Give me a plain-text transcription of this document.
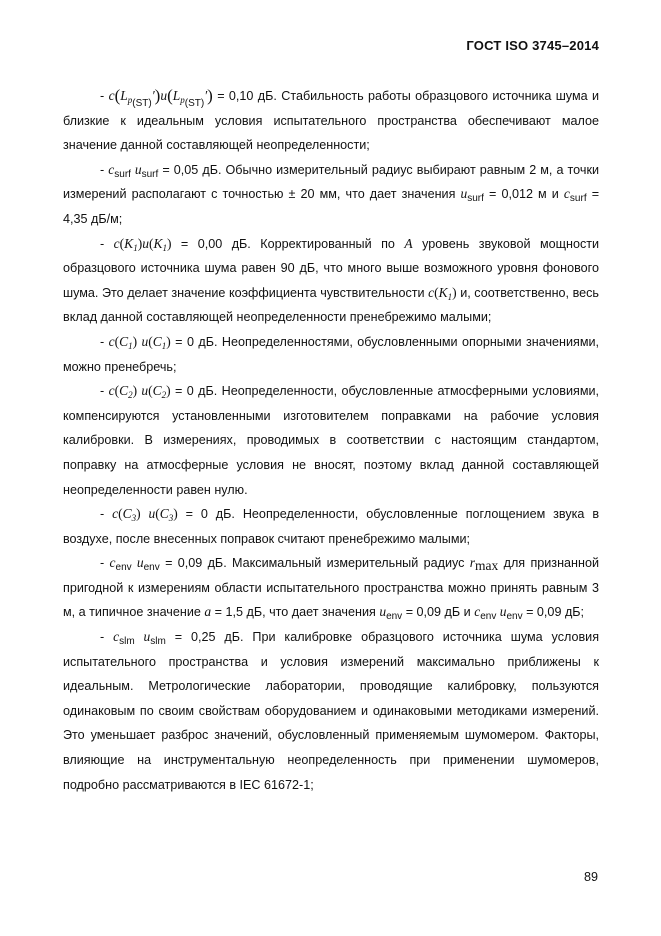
ГОСТ ISO 3745–2014

- $c(L_{p(ST)}')u(L_{p(ST)}') = 0,10$ дБ. Стабильность работы образцового источника шума и близкие к идеальным условия испытательного пространства обеспечивают малое значение данной составляющей неопределенности;

- $c_{surf}$ $u_{surf} = 0,05$ дБ. Обычно измерительный радиус выбирают равным 2 м, а точки измерений располагают с точностью ± 20 мм, что дает значения $u_{surf} = 0,012$ м и $c_{surf} = 4,35$ дБ/м;

- $c(K_1)u(K_1) = 0,00$ дБ. Корректированный по A уровень звуковой мощности образцового источника шума равен 90 дБ, что много выше возможного уровня фонового шума. Это делает значение коэффициента чувствительности $c(K_1)$ и, соответственно, весь вклад данной составляющей неопределенности пренебрежимо малыми;

- $c(C_1) u(C_1) = 0$ дБ. Неопределенностями, обусловленными опорными значениями, можно пренебречь;

- $c(C_2) u(C_2) = 0$ дБ. Неопределенности, обусловленные атмосферными условиями, компенсируются установленными изготовителем поправками на рабочие условия калибровки. В измерениях, проводимых в соответствии с настоящим стандартом, поправку на атмосферные условия не вносят, поэтому вклад данной составляющей неопределенности равен нулю.

- $c(C_3) u(C_3) = 0$ дБ. Неопределенности, обусловленные поглощением звука в воздухе, после внесенных поправок считают пренебрежимо малыми;

- $c_{env}$ $u_{env} = 0,09$ дБ. Максимальный измерительный радиус $r_{max}$ для признанной пригодной к измерениям области испытательного пространства можно принять равным 3 м, а типичное значение a = 1,5 дБ, что дает значения $u_{env} = 0,09$ дБ и $c_{env}$ $u_{env} = 0,09$ дБ;

- $c_{slm}$ $u_{slm} = 0,25$ дБ. При калибровке образцового источника шума условия испытательного пространства и условия измерений максимально приближены к идеальным. Метрологические лаборатории, проводящие калибровку, пользуются одинаковым по своим свойствам оборудованием и одинаковыми методиками измерений. Это уменьшает разброс значений, обусловленный применяемым шумомером. Факторы, влияющие на инструментальную неопределенность при применении шумомеров, подробно рассматриваются в IEC 61672-1;

89
